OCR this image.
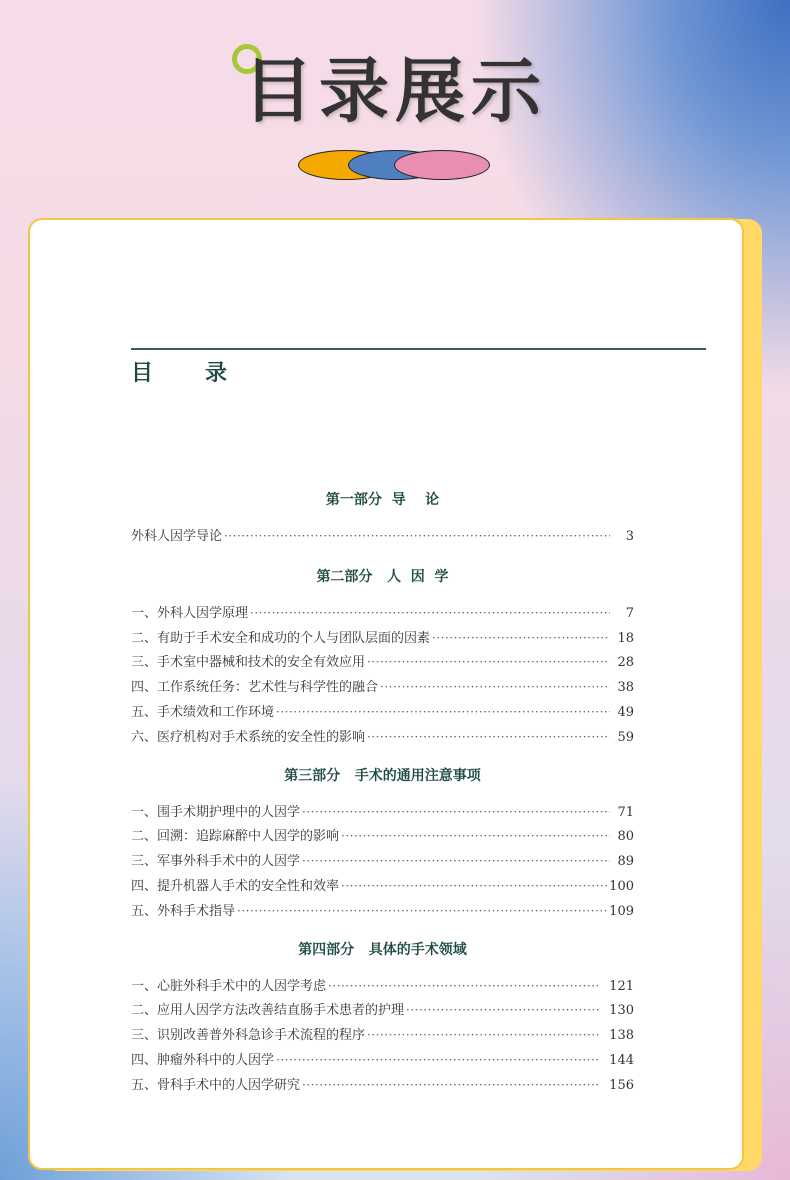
目录展示
目 录
第一部分  导    论
外科人因学导论 ·····	3
第二部分   人  因  学
一、外科人因学原理 ·····	7
二、有助于手术安全和成功的个人与团队层面的因素 ·····	18
三、手术室中器械和技术的安全有效应用 ·····	28
四、工作系统任务：艺术性与科学性的融合 ·····	38
五、手术绩效和工作环境 ·····	49
六、医疗机构对手术系统的安全性的影响 ·····	59
第三部分   手术的通用注意事项
一、围手术期护理中的人因学 ·····	71
二、回溯：追踪麻醉中人因学的影响 ·····	80
三、军事外科手术中的人因学 ·····	89
四、提升机器人手术的安全性和效率 ·····	100
五、外科手术指导 ·····	109
第四部分   具体的手术领域
一、心脏外科手术中的人因学考虑 ·····	121
二、应用人因学方法改善结直肠手术患者的护理 ·····	130
三、识别改善普外科急诊手术流程的程序 ·····	138
四、肿瘤外科中的人因学 ·····	144
五、骨科手术中的人因学研究 ·····	156
